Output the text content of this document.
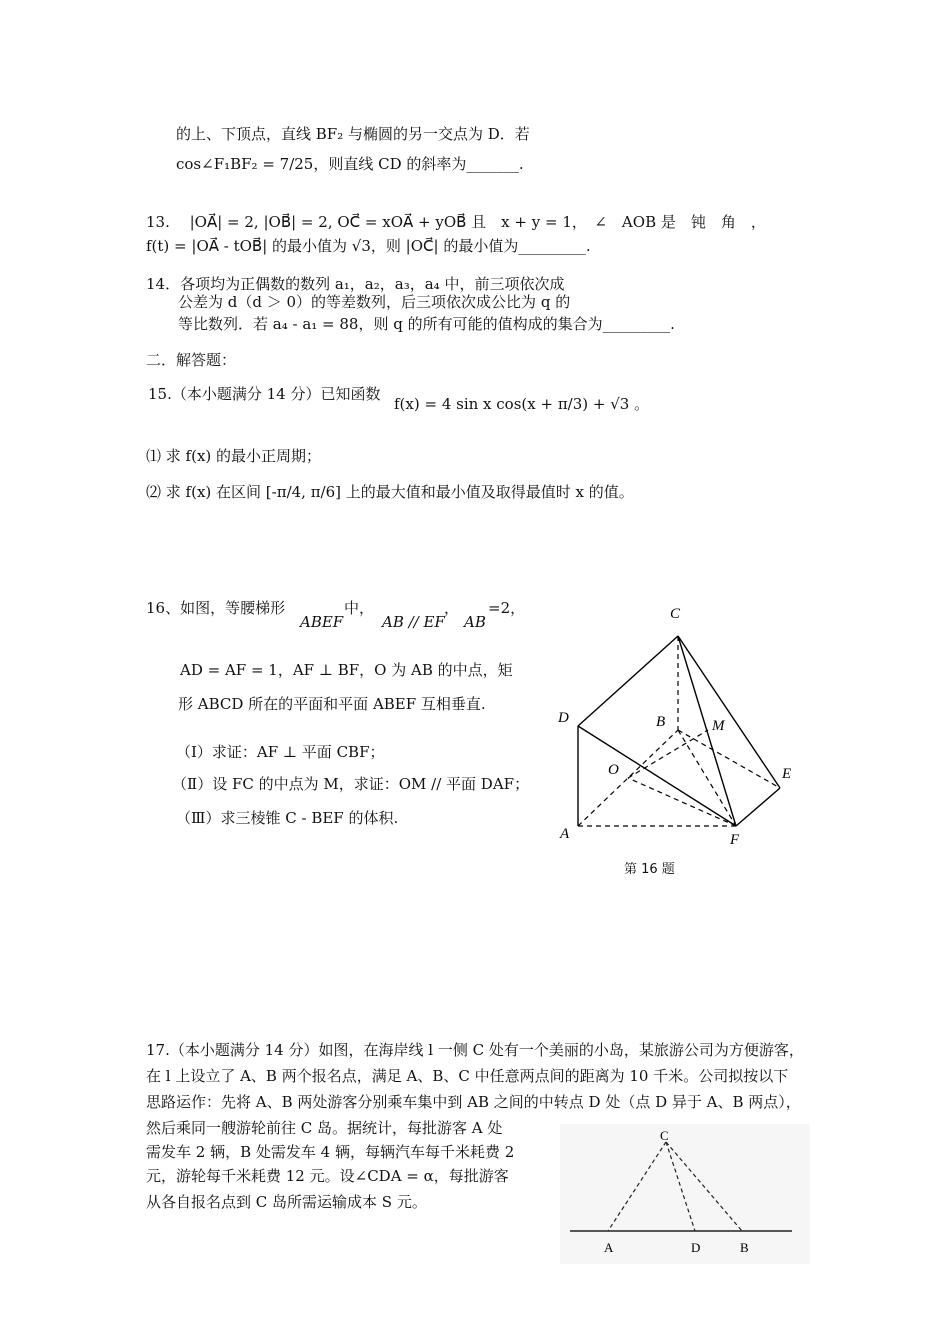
的上、下顶点，直线 BF₂ 与椭圆的另一交点为 D．若
cos∠F₁BF₂ = 7/25，则直线 CD 的斜率为_______.
13.　 |OA⃗| = 2, |OB⃗| = 2, OC⃗ = xOA⃗ + yOB⃗ 且　x + y = 1，　∠　AOB 是　钝　角　，
f(t) = |OA⃗ - tOB⃗| 的最小值为 √3，则 |OC⃗| 的最小值为_________.
14．各项均为正偶数的数列 a₁，a₂，a₃，a₄ 中，前三项依次成
公差为 d（d ＞ 0）的等差数列，后三项依次成公比为 q 的
等比数列．若 a₄ - a₁ = 88，则 q 的所有可能的值构成的集合为_________.
二．解答题：
15.（本小题满分 14 分）已知函数
f(x) = 4 sin x cos(x + π/3) + √3 。
⑴ 求 f(x) 的最小正周期；
⑵ 求 f(x) 在区间 [-π/4, π/6] 上的最大值和最小值及取得最值时 x 的值。
16、如图，等腰梯形	中，	， =2，
ABEF	AB // EF AB
AD = AF = 1，AF ⊥ BF，O 为 AB 的中点，矩
形 ABCD 所在的平面和平面 ABEF 互相垂直.
（Ⅰ）求证：AF ⊥ 平面 CBF；
（Ⅱ）设 FC 的中点为 M，求证：OM // 平面 DAF；
（Ⅲ）求三棱锥 C - BEF 的体积.
C
D	B	M
O	E
A	F
第 16 题
17.（本小题满分 14 分）如图，在海岸线 l 一侧 C 处有一个美丽的小岛，某旅游公司为方便游客，
在 l 上设立了 A、B 两个报名点，满足 A、B、C 中任意两点间的距离为 10 千米。公司拟按以下
思路运作：先将 A、B 两处游客分别乘车集中到 AB 之间的中转点 D 处（点 D 异于 A、B 两点），
然后乘同一艘游轮前往 C 岛。据统计，每批游客 A 处
需发车 2 辆，B 处需发车 4 辆，每辆汽车每千米耗费 2
元，游轮每千米耗费 12 元。设∠CDA = α，每批游客
从各自报名点到 C 岛所需运输成本 S 元。
C
A	D	B
